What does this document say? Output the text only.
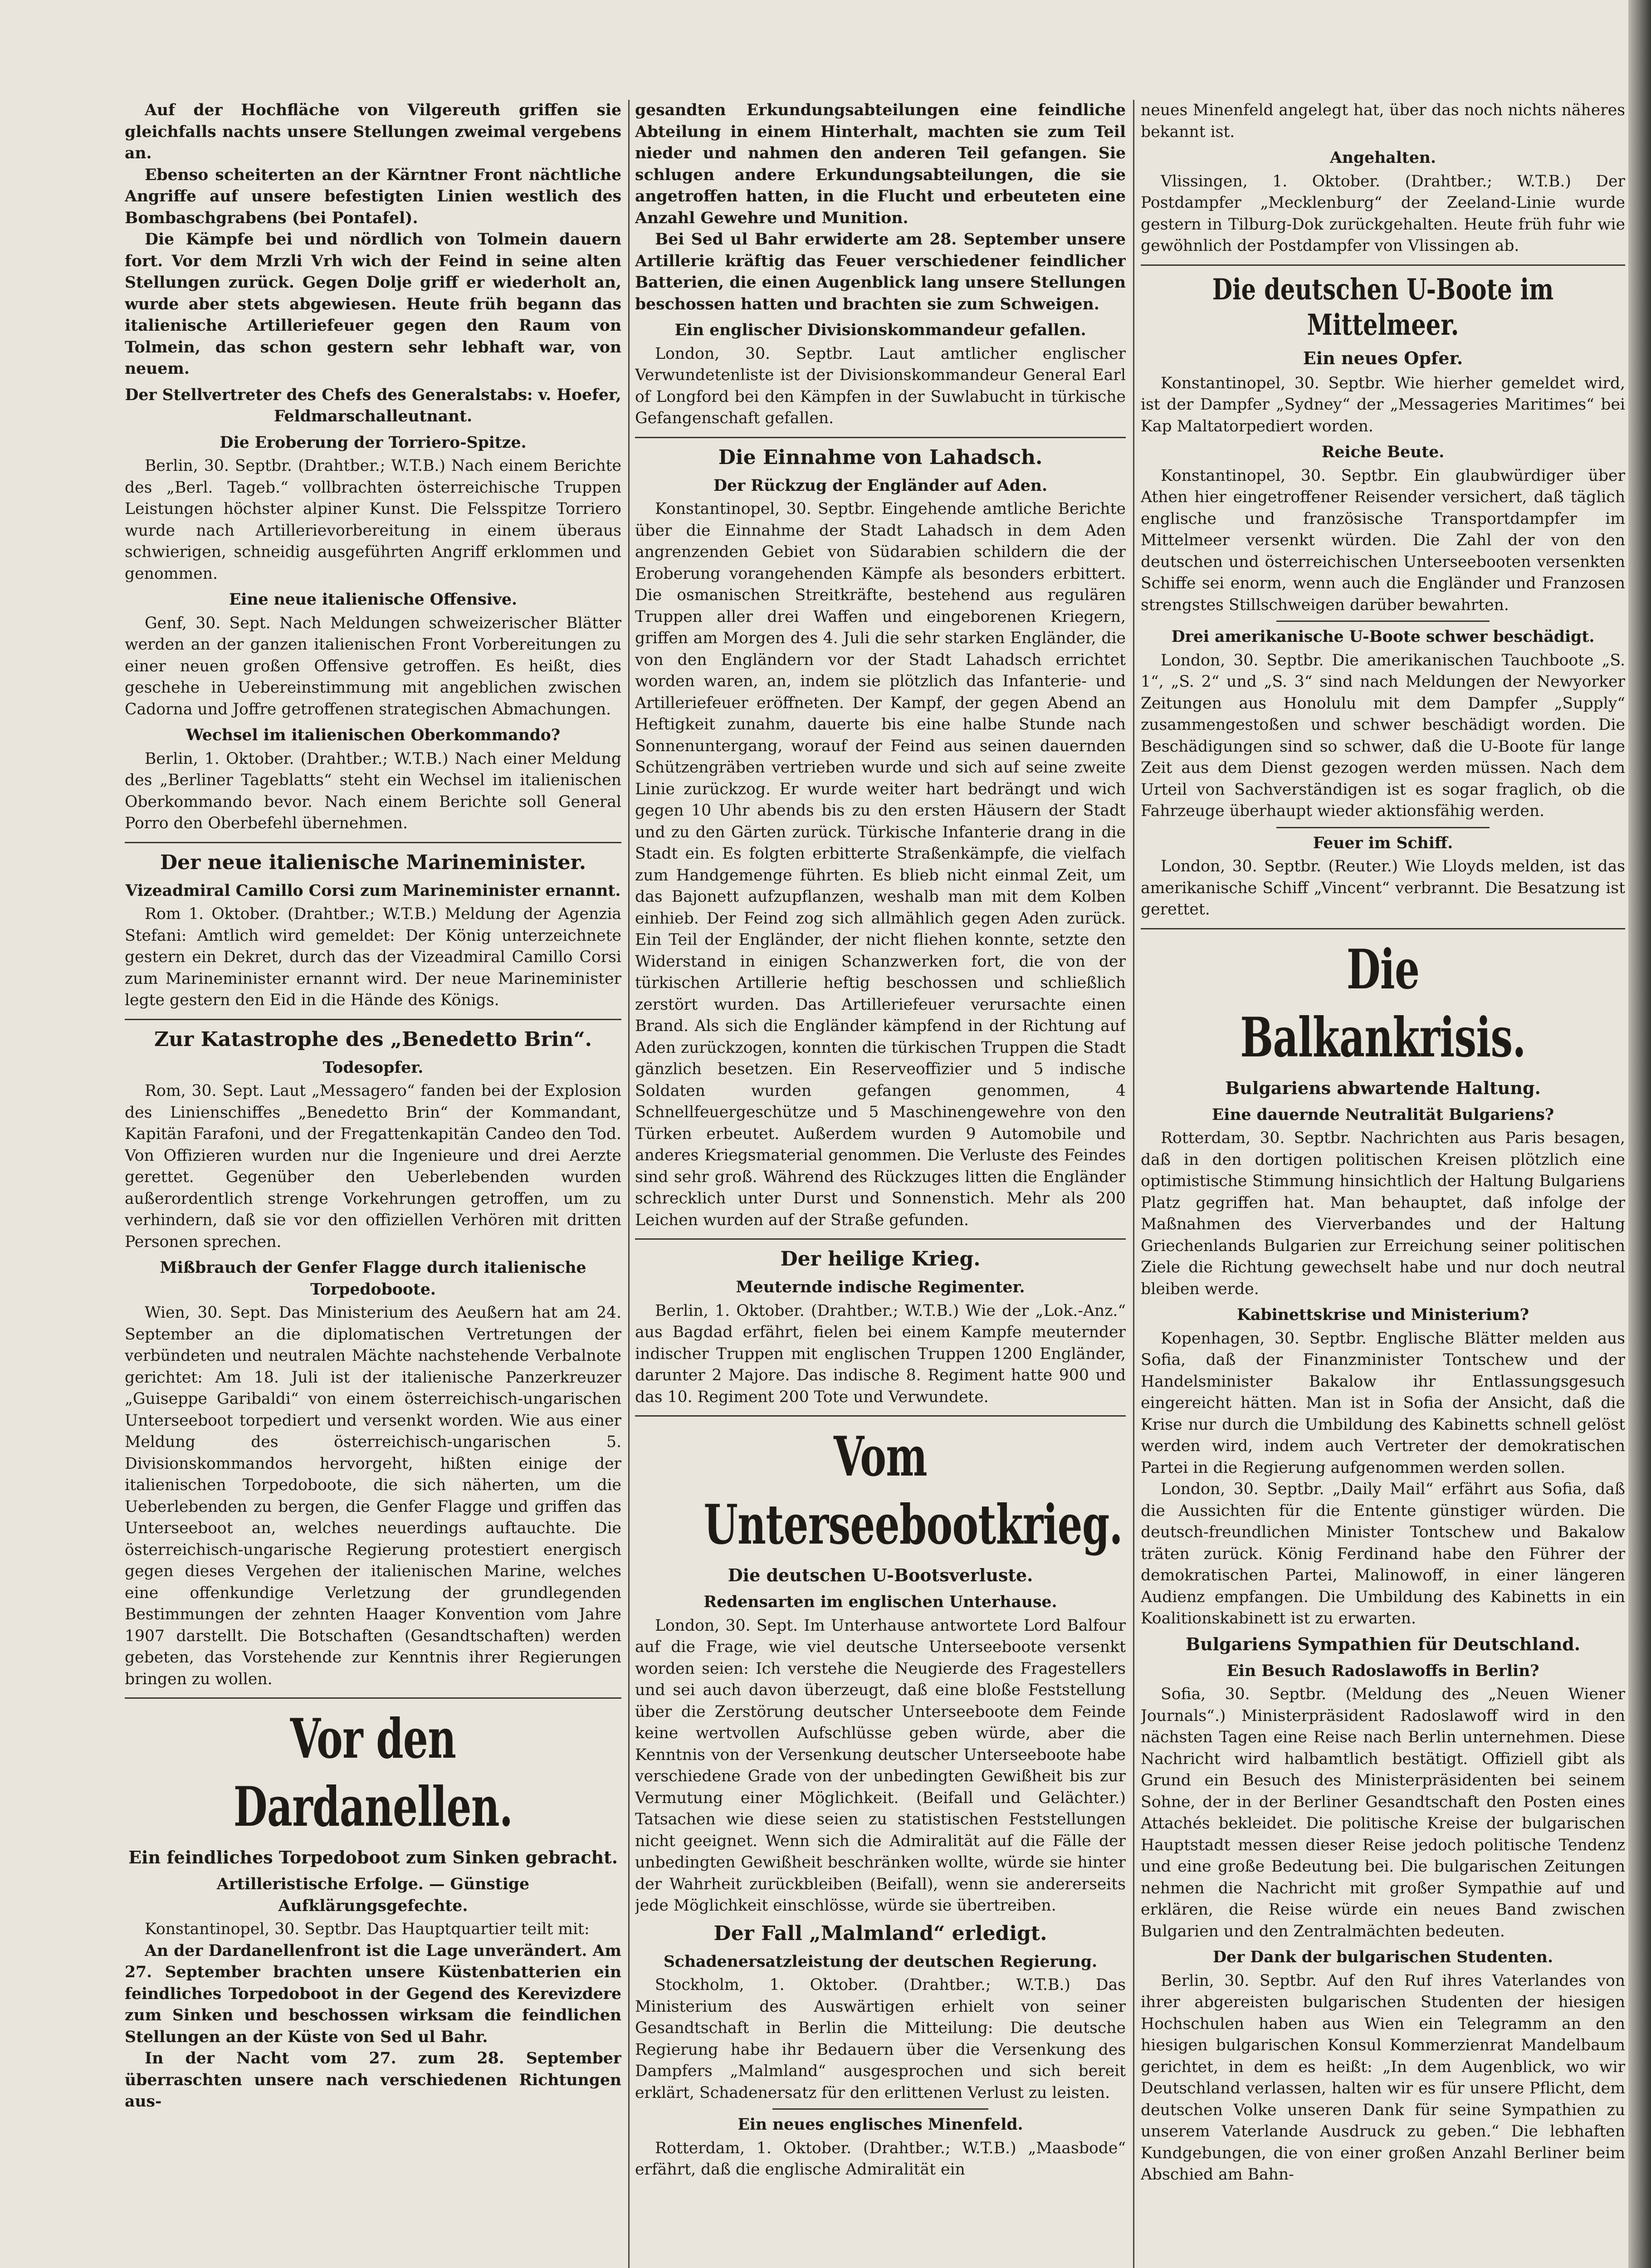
Auf der Hochfläche von Vilgereuth griffen sie gleichfalls nachts unsere Stellungen zweimal vergebens an.

Ebenso scheiterten an der Kärntner Front nächtliche Angriffe auf unsere befestigten Linien westlich des Bombaschgrabens (bei Pontafel).

Die Kämpfe bei und nördlich von Tolmein dauern fort. Vor dem Mrzli Vrh wich der Feind in seine alten Stellungen zurück. Gegen Dolje griff er wiederholt an, wurde aber stets abgewiesen. Heute früh begann das italienische Artilleriefeuer gegen den Raum von Tolmein, das schon gestern sehr lebhaft war, von neuem.

Der Stellvertreter des Chefs des Generalstabs: v. Hoefer, Feldmarschalleutnant.

Die Eroberung der Torriero-Spitze.

Berlin, 30. Septbr. (Drahtber.; W.T.B.) Nach einem Berichte des „Berl. Tageb.“ vollbrachten österreichische Truppen Leistungen höchster alpiner Kunst. Die Felsspitze Torriero wurde nach Artillerievorbereitung in einem überaus schwierigen, schneidig ausgeführten Angriff erklommen und genommen.

Eine neue italienische Offensive.

Genf, 30. Sept. Nach Meldungen schweizerischer Blätter werden an der ganzen italienischen Front Vorbereitungen zu einer neuen großen Offensive getroffen. Es heißt, dies geschehe in Uebereinstimmung mit angeblichen zwischen Cadorna und Joffre getroffenen strategischen Abmachungen.

Wechsel im italienischen Oberkommando?

Berlin, 1. Oktober. (Drahtber.; W.T.B.) Nach einer Meldung des „Berliner Tageblatts“ steht ein Wechsel im italienischen Oberkommando bevor. Nach einem Berichte soll General Porro den Oberbefehl übernehmen.

Der neue italienische Marineminister.

Vizeadmiral Camillo Corsi zum Marineminister ernannt.

Rom 1. Oktober. (Drahtber.; W.T.B.) Meldung der Agenzia Stefani: Amtlich wird gemeldet: Der König unterzeichnete gestern ein Dekret, durch das der Vizeadmiral Camillo Corsi zum Marineminister ernannt wird. Der neue Marineminister legte gestern den Eid in die Hände des Königs.

Zur Katastrophe des „Benedetto Brin“.

Todesopfer.

Rom, 30. Sept. Laut „Messagero“ fanden bei der Explosion des Linienschiffes „Benedetto Brin“ der Kommandant, Kapitän Farafoni, und der Fregattenkapitän Candeo den Tod. Von Offizieren wurden nur die Ingenieure und drei Aerzte gerettet. Gegenüber den Ueberlebenden wurden außerordentlich strenge Vorkehrungen getroffen, um zu verhindern, daß sie vor den offiziellen Verhören mit dritten Personen sprechen.

Mißbrauch der Genfer Flagge durch italienische Torpedoboote.

Wien, 30. Sept. Das Ministerium des Aeußern hat am 24. September an die diplomatischen Vertretungen der verbündeten und neutralen Mächte nachstehende Verbalnote gerichtet: Am 18. Juli ist der italienische Panzerkreuzer „Guiseppe Garibaldi“ von einem österreichisch-ungarischen Unterseeboot torpediert und versenkt worden. Wie aus einer Meldung des österreichisch-ungarischen 5. Divisionskommandos hervorgeht, hißten einige der italienischen Torpedoboote, die sich näherten, um die Ueberlebenden zu bergen, die Genfer Flagge und griffen das Unterseeboot an, welches neuerdings auftauchte. Die österreichisch-ungarische Regierung protestiert energisch gegen dieses Vergehen der italienischen Marine, welches eine offenkundige Verletzung der grundlegenden Bestimmungen der zehnten Haager Konvention vom Jahre 1907 darstellt. Die Botschaften (Gesandtschaften) werden gebeten, das Vorstehende zur Kenntnis ihrer Regierungen bringen zu wollen.

Vor den Dardanellen.

Ein feindliches Torpedoboot zum Sinken gebracht.

Artilleristische Erfolge. — Günstige Aufklärungsgefechte.

Konstantinopel, 30. Septbr. Das Hauptquartier teilt mit:

An der Dardanellenfront ist die Lage unverändert. Am 27. September brachten unsere Küstenbatterien ein feindliches Torpedoboot in der Gegend des Kerevizdere zum Sinken und beschossen wirksam die feindlichen Stellungen an der Küste von Sed ul Bahr.

In der Nacht vom 27. zum 28. September überraschten unsere nach verschiedenen Richtungen aus-

gesandten Erkundungsabteilungen eine feindliche Abteilung in einem Hinterhalt, machten sie zum Teil nieder und nahmen den anderen Teil gefangen. Sie schlugen andere Erkundungsabteilungen, die sie angetroffen hatten, in die Flucht und erbeuteten eine Anzahl Gewehre und Munition.

Bei Sed ul Bahr erwiderte am 28. September unsere Artillerie kräftig das Feuer verschiedener feindlicher Batterien, die einen Augenblick lang unsere Stellungen beschossen hatten und brachten sie zum Schweigen.

Ein englischer Divisionskommandeur gefallen.

London, 30. Septbr. Laut amtlicher englischer Verwundetenliste ist der Divisionskommandeur General Earl of Longford bei den Kämpfen in der Suwlabucht in türkische Gefangenschaft gefallen.

Die Einnahme von Lahadsch.

Der Rückzug der Engländer auf Aden.

Konstantinopel, 30. Septbr. Eingehende amtliche Berichte über die Einnahme der Stadt Lahadsch in dem Aden angrenzenden Gebiet von Südarabien schildern die der Eroberung vorangehenden Kämpfe als besonders erbittert. Die osmanischen Streitkräfte, bestehend aus regulären Truppen aller drei Waffen und eingeborenen Kriegern, griffen am Morgen des 4. Juli die sehr starken Engländer, die von den Engländern vor der Stadt Lahadsch errichtet worden waren, an, indem sie plötzlich das Infanterie- und Artilleriefeuer eröffneten. Der Kampf, der gegen Abend an Heftigkeit zunahm, dauerte bis eine halbe Stunde nach Sonnenuntergang, worauf der Feind aus seinen dauernden Schützengräben vertrieben wurde und sich auf seine zweite Linie zurückzog. Er wurde weiter hart bedrängt und wich gegen 10 Uhr abends bis zu den ersten Häusern der Stadt und zu den Gärten zurück. Türkische Infanterie drang in die Stadt ein. Es folgten erbitterte Straßenkämpfe, die vielfach zum Handgemenge führten. Es blieb nicht einmal Zeit, um das Bajonett aufzupflanzen, weshalb man mit dem Kolben einhieb. Der Feind zog sich allmählich gegen Aden zurück. Ein Teil der Engländer, der nicht fliehen konnte, setzte den Widerstand in einigen Schanzwerken fort, die von der türkischen Artillerie heftig beschossen und schließlich zerstört wurden. Das Artilleriefeuer verursachte einen Brand. Als sich die Engländer kämpfend in der Richtung auf Aden zurückzogen, konnten die türkischen Truppen die Stadt gänzlich besetzen. Ein Reserveoffizier und 5 indische Soldaten wurden gefangen genommen, 4 Schnellfeuergeschütze und 5 Maschinengewehre von den Türken erbeutet. Außerdem wurden 9 Automobile und anderes Kriegsmaterial genommen. Die Verluste des Feindes sind sehr groß. Während des Rückzuges litten die Engländer schrecklich unter Durst und Sonnenstich. Mehr als 200 Leichen wurden auf der Straße gefunden.

Der heilige Krieg.

Meuternde indische Regimenter.

Berlin, 1. Oktober. (Drahtber.; W.T.B.) Wie der „Lok.-Anz.“ aus Bagdad erfährt, fielen bei einem Kampfe meuternder indischer Truppen mit englischen Truppen 1200 Engländer, darunter 2 Majore. Das indische 8. Regiment hatte 900 und das 10. Regiment 200 Tote und Verwundete.

Vom Unterseebootkrieg.

Die deutschen U-Bootsverluste.

Redensarten im englischen Unterhause.

London, 30. Sept. Im Unterhause antwortete Lord Balfour auf die Frage, wie viel deutsche Unterseeboote versenkt worden seien: Ich verstehe die Neugierde des Fragestellers und sei auch davon überzeugt, daß eine bloße Feststellung über die Zerstörung deutscher Unterseeboote dem Feinde keine wertvollen Aufschlüsse geben würde, aber die Kenntnis von der Versenkung deutscher Unterseeboote habe verschiedene Grade von der unbedingten Gewißheit bis zur Vermutung einer Möglichkeit. (Beifall und Gelächter.) Tatsachen wie diese seien zu statistischen Feststellungen nicht geeignet. Wenn sich die Admiralität auf die Fälle der unbedingten Gewißheit beschränken wollte, würde sie hinter der Wahrheit zurückbleiben (Beifall), wenn sie andererseits jede Möglichkeit einschlösse, würde sie übertreiben.

Der Fall „Malmland“ erledigt.

Schadenersatzleistung der deutschen Regierung.

Stockholm, 1. Oktober. (Drahtber.; W.T.B.) Das Ministerium des Auswärtigen erhielt von seiner Gesandtschaft in Berlin die Mitteilung: Die deutsche Regierung habe ihr Bedauern über die Versenkung des Dampfers „Malmland“ ausgesprochen und sich bereit erklärt, Schadenersatz für den erlittenen Verlust zu leisten.

Ein neues englisches Minenfeld.

Rotterdam, 1. Oktober. (Drahtber.; W.T.B.) „Maasbode“ erfährt, daß die englische Admiralität ein

neues Minenfeld angelegt hat, über das noch nichts näheres bekannt ist.

Angehalten.

Vlissingen, 1. Oktober. (Drahtber.; W.T.B.) Der Postdampfer „Mecklenburg“ der Zeeland-Linie wurde gestern in Tilburg-Dok zurückgehalten. Heute früh fuhr wie gewöhnlich der Postdampfer von Vlissingen ab.

Die deutschen U-Boote im Mittelmeer.

Ein neues Opfer.

Konstantinopel, 30. Septbr. Wie hierher gemeldet wird, ist der Dampfer „Sydney“ der „Messageries Maritimes“ bei Kap Maltatorpediert worden.

Reiche Beute.

Konstantinopel, 30. Septbr. Ein glaubwürdiger über Athen hier eingetroffener Reisender versichert, daß täglich englische und französische Transportdampfer im Mittelmeer versenkt würden. Die Zahl der von den deutschen und österreichischen Unterseebooten versenkten Schiffe sei enorm, wenn auch die Engländer und Franzosen strengstes Stillschweigen darüber bewahrten.

Drei amerikanische U-Boote schwer beschädigt.

London, 30. Septbr. Die amerikanischen Tauchboote „S. 1“, „S. 2“ und „S. 3“ sind nach Meldungen der Newyorker Zeitungen aus Honolulu mit dem Dampfer „Supply“ zusammengestoßen und schwer beschädigt worden. Die Beschädigungen sind so schwer, daß die U-Boote für lange Zeit aus dem Dienst gezogen werden müssen. Nach dem Urteil von Sachverständigen ist es sogar fraglich, ob die Fahrzeuge überhaupt wieder aktionsfähig werden.

Feuer im Schiff.

London, 30. Septbr. (Reuter.) Wie Lloyds melden, ist das amerikanische Schiff „Vincent“ verbrannt. Die Besatzung ist gerettet.

Die Balkankrisis.

Bulgariens abwartende Haltung.

Eine dauernde Neutralität Bulgariens?

Rotterdam, 30. Septbr. Nachrichten aus Paris besagen, daß in den dortigen politischen Kreisen plötzlich eine optimistische Stimmung hinsichtlich der Haltung Bulgariens Platz gegriffen hat. Man behauptet, daß infolge der Maßnahmen des Vierverbandes und der Haltung Griechenlands Bulgarien zur Erreichung seiner politischen Ziele die Richtung gewechselt habe und nur doch neutral bleiben werde.

Kabinettskrise und Ministerium?

Kopenhagen, 30. Septbr. Englische Blätter melden aus Sofia, daß der Finanzminister Tontschew und der Handelsminister Bakalow ihr Entlassungsgesuch eingereicht hätten. Man ist in Sofia der Ansicht, daß die Krise nur durch die Umbildung des Kabinetts schnell gelöst werden wird, indem auch Vertreter der demokratischen Partei in die Regierung aufgenommen werden sollen.

London, 30. Septbr. „Daily Mail“ erfährt aus Sofia, daß die Aussichten für die Entente günstiger würden. Die deutsch-freundlichen Minister Tontschew und Bakalow träten zurück. König Ferdinand habe den Führer der demokratischen Partei, Malinowoff, in einer längeren Audienz empfangen. Die Umbildung des Kabinetts in ein Koalitionskabinett ist zu erwarten.

Bulgariens Sympathien für Deutschland.

Ein Besuch Radoslawoffs in Berlin?

Sofia, 30. Septbr. (Meldung des „Neuen Wiener Journals“.) Ministerpräsident Radoslawoff wird in den nächsten Tagen eine Reise nach Berlin unternehmen. Diese Nachricht wird halbamtlich bestätigt. Offiziell gibt als Grund ein Besuch des Ministerpräsidenten bei seinem Sohne, der in der Berliner Gesandtschaft den Posten eines Attachés bekleidet. Die politische Kreise der bulgarischen Hauptstadt messen dieser Reise jedoch politische Tendenz und eine große Bedeutung bei. Die bulgarischen Zeitungen nehmen die Nachricht mit großer Sympathie auf und erklären, die Reise würde ein neues Band zwischen Bulgarien und den Zentralmächten bedeuten.

Der Dank der bulgarischen Studenten.

Berlin, 30. Septbr. Auf den Ruf ihres Vaterlandes von ihrer abgereisten bulgarischen Studenten der hiesigen Hochschulen haben aus Wien ein Telegramm an den hiesigen bulgarischen Konsul Kommerzienrat Mandelbaum gerichtet, in dem es heißt: „In dem Augenblick, wo wir Deutschland verlassen, halten wir es für unsere Pflicht, dem deutschen Volke unseren Dank für seine Sympathien zu unserem Vaterlande Ausdruck zu geben.“ Die lebhaften Kundgebungen, die von einer großen Anzahl Berliner beim Abschied am Bahn-
